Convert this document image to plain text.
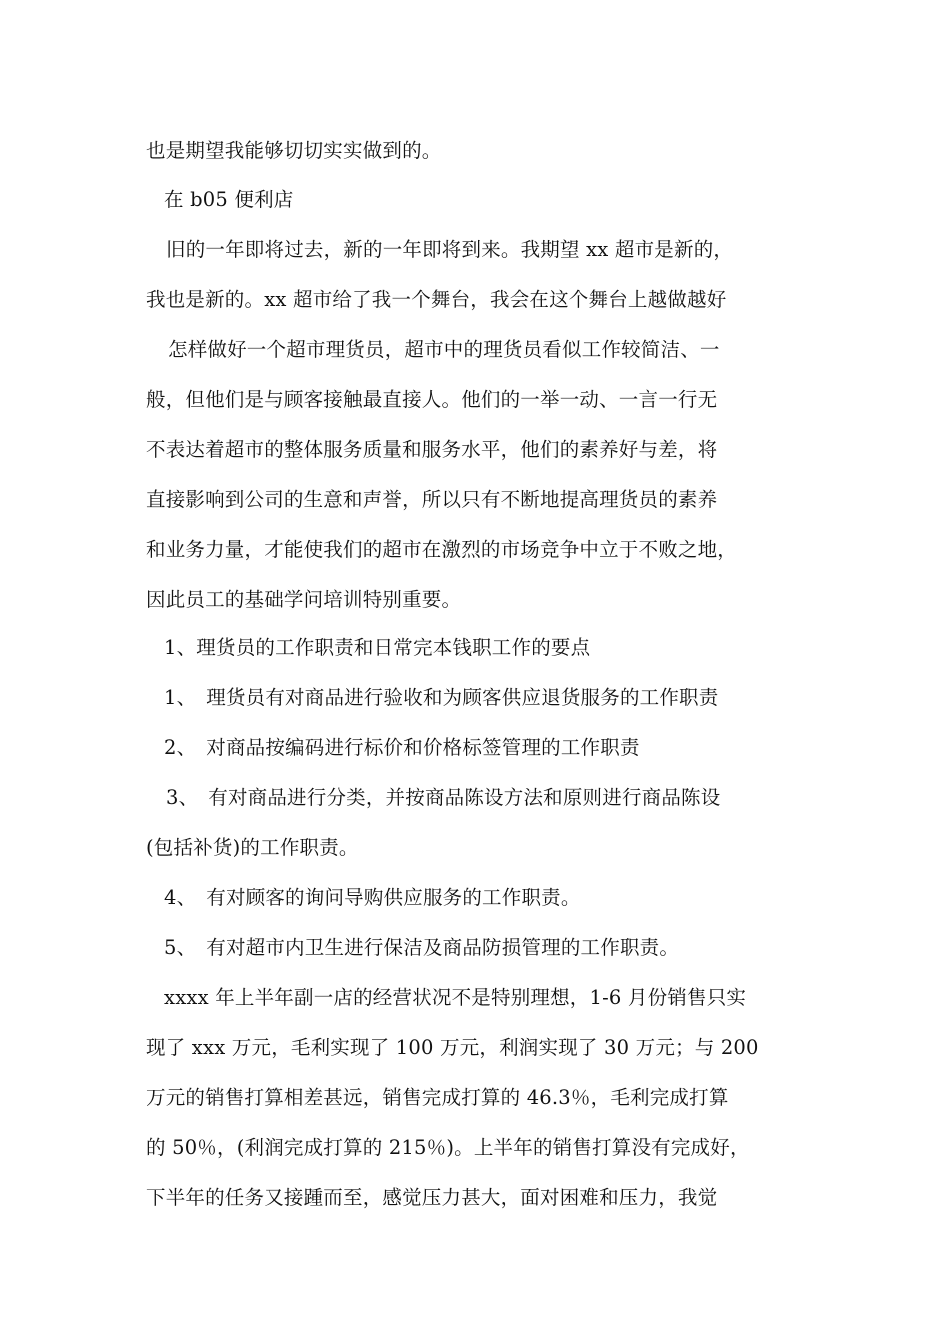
也是期望我能够切切实实做到的。
在 b05 便利店
旧的一年即将过去，新的一年即将到来。我期望 xx 超市是新的，
我也是新的。xx 超市给了我一个舞台，我会在这个舞台上越做越好
怎样做好一个超市理货员，超市中的理货员看似工作较简洁、一
般，但他们是与顾客接触最直接人。他们的一举一动、一言一行无
不表达着超市的整体服务质量和服务水平，他们的素养好与差，将
直接影响到公司的生意和声誉，所以只有不断地提高理货员的素养
和业务力量，才能使我们的超市在激烈的市场竞争中立于不败之地，
因此员工的基础学问培训特别重要。
1、理货员的工作职责和日常完本钱职工作的要点
1、　理货员有对商品进行验收和为顾客供应退货服务的工作职责
2、　对商品按编码进行标价和价格标签管理的工作职责
3、　有对商品进行分类，并按商品陈设方法和原则进行商品陈设
(包括补货)的工作职责。
4、　有对顾客的询问导购供应服务的工作职责。
5、　有对超市内卫生进行保洁及商品防损管理的工作职责。
xxxx 年上半年副一店的经营状况不是特别理想，1-6 月份销售只实
现了 xxx 万元，毛利实现了 100 万元，利润实现了 30 万元；与 200
万元的销售打算相差甚远，销售完成打算的 46.3％，毛利完成打算
的 50％，(利润完成打算的 215％)。上半年的销售打算没有完成好，
下半年的任务又接踵而至，感觉压力甚大，面对困难和压力，我觉
